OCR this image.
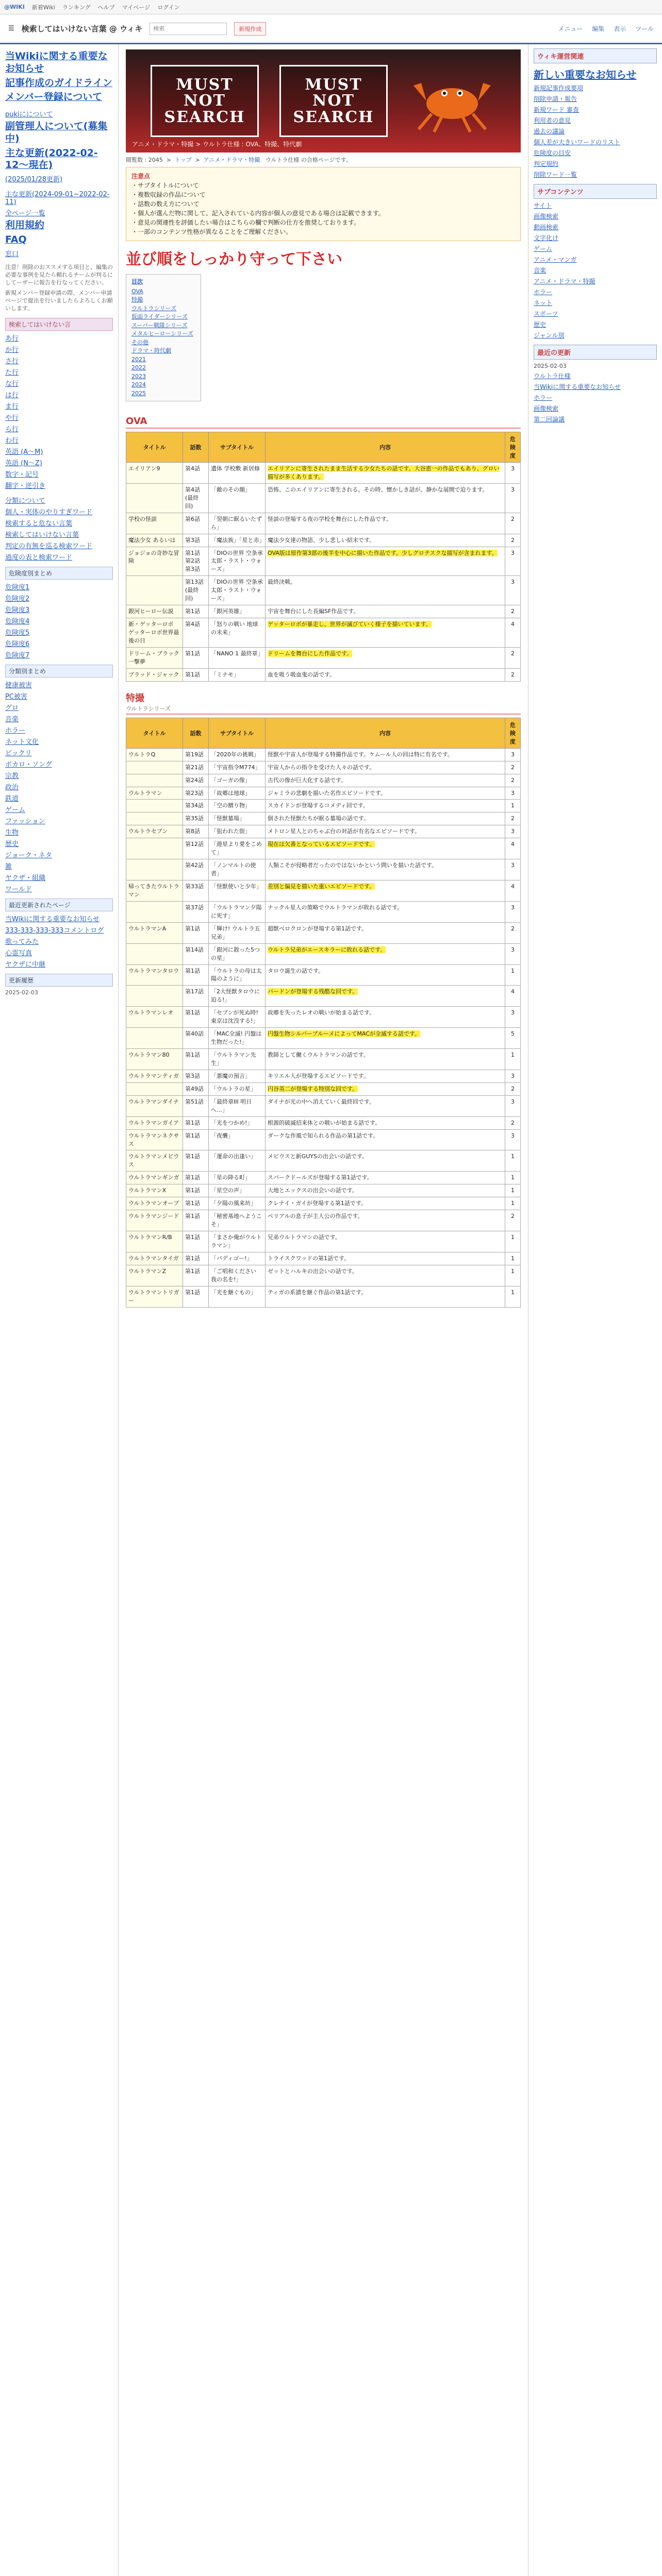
@WIKI 新着Wiki ランキング ヘルプ マイページ ログイン
☰ 検索してはいけない言葉 @ ウィキ
検索	新規作成	メニュー 編集 表示 ツール
当Wikiに関する重要なお知らせ
記事作成のガイドライン
メンバー登録について
pukiにについて
副管理人について(募集中)
主な更新(2022-02-12〜現在)
(2025/01/28更新)
主な更新(2024-09-01~2022-02-11)
全ページ一覧
利用規約
FAQ
窓口
注意！削除のおススメする項目と、編集の必要な事例を見たら頼れるチームが判るにしてーザーに報告を行なってください。
新規メンバー登録申請の際、メンバー申請ページで提出を行いましたらよろしくお願いします。
検索してはいけない言
あ行
か行
さ行
た行
な行
は行
ま行
や行
ら行
わ行
英語 (A〜M)
英語 (N〜Z)
数字・記号
翻字・逆引き
分類について
個人・実体のやりすぎワード
検索すると危ない言葉
検索してはいけない言葉
判定の有無を巡る検索ワード
過度の表と検索ワード
危険度別まとめ
危険度1
危険度2
危険度3
危険度4
危険度5
危険度6
危険度7
分類別まとめ
健康被害
PC被害
グロ
音楽
ホラー
ネット文化
ビックリ
ボカロ・ソング
宗教
政治
鉄道
ゲーム
ファッション
生物
歴史
ジョーク・ネタ
雑
ヤクザ・組織
ワールド
最近更新されたページ
当Wikiに関する重要なお知らせ
333-333-333-333コメントログ
歌ってみた
心霊写真
ヤクザに中継
更新履歴
2025-02-03
MUST NOT SEARCH
MUST NOT SEARCH
アニメ・ドラマ・特撮 > ウルトラ仕様 : OVA、特撮、特代劇
閲覧数 : 2045  >  トップ  >  アニメ・ドラマ・特撮 ウルトラ仕様 の合格ページです。
注意点
・サブタイトルについて
・複数収録の作品について
・話数の数え方について
・個人が選んだ物に関して、記入されている内容が個人の意見である場合は記載できます。
・意見の関連性を評価したい場合はこちらの欄で判断の仕方を推奨しております。
・一部のコンテンツ性格が異なることをご理解ください。
並び順をしっかり守って下さい
目次
OVA
特撮
ウルトラシリーズ
仮面ライダーシリーズ
スーパー戦隊シリーズ
メタルヒーローシリーズ
その他
ドラマ・時代劇
2021
2022
2023
2024
2025
OVA
タイトル	話数	サブタイトル	内容	危険度
エイリアン9	第4話	遺体 学校敷 新居修	エイリアンに寄生されたまま生活する少女たちの話です。大谷恵一の作品でもあり、グロい描写が多くあります。	3
	第4話 (最終回)	「敵のその顔」	恐怖、このエイリアンに寄生される。その時、懐かしき話が、静かな展開で迫ります。	3
学校の怪談	第6話	「翌朝に眠るいたずら」	怪談の登場する夜の学校を舞台にした作品です。	2
魔法少女 あるいは	第3話	「魔法族」「星と赤」	魔法少女達の物語、少し悲しい結末です。	2
ジョジョの奇妙な冒険	第1話 第2話 第3話	「DIOの世界 空条承太郎・ラスト・ウォーズ」	OVA版は原作第3部の後半を中心に描いた作品です。少しグロテスクな描写が含まれます。	3
	第13話 (最終回)	「DIOの世界 空条承太郎・ラスト・ウォーズ」	最終決戦。	3
銀河ヒーロー伝説	第1話	「銀河英雄」	宇宙を舞台にした長編SF作品です。	2
新・ゲッターロボ ゲッターロボ世界最後の日	第4話	「怒りの戦い 地球の未来」	ゲッターロボが暴走し、世界が滅びていく様子を描いています。	4
ドリーム・ブラック一撃夢	第1話	「NANO 1 最終章」	ドリームを舞台にした作品です。	2
ブラッド・ジャック	第1話	「ミナモ」	血を吸う吸血鬼の話です。	2
特撮
ウルトラシリーズ
タイトル	話数	サブタイトル	内容	危険度
ウルトラQ	第19話	「2020年の挑戦」	怪獣や宇宙人が登場する特撮作品です。ケムール人の回は特に有名です。	3
	第21話	「宇宙指令M774」	宇宙人からの指令を受けた人々の話です。	2
	第24話	「ゴーガの像」	古代の像が巨大化する話です。	2
ウルトラマン	第23話	「故郷は地球」	ジャミラの悲劇を描いた名作エピソードです。	3
	第34話	「空の贈り物」	スカイドンが登場するコメディ回です。	1
	第35話	「怪獣墓場」	倒された怪獣たちが眠る墓場の話です。	2
ウルトラセブン	第8話	「狙われた街」	メトロン星人とのちゃぶ台の対話が有名なエピソードです。	3
	第12話	「遊星より愛をこめて」	現在は欠番となっているエピソードです。	4
	第42話	「ノンマルトの使者」	人類こそが侵略者だったのではないかという問いを描いた話です。	3
帰ってきたウルトラマン	第33話	「怪獣使いと少年」	差別と偏見を描いた重いエピソードです。	4
	第37話	「ウルトラマン夕陽に死す」	ナックル星人の策略でウルトラマンが敗れる話です。	3
ウルトラマンA	第1話	「輝け! ウルトラ五兄弟」	超獣ベロクロンが登場する第1話です。	2
	第14話	「銀河に散った5つの星」	ウルトラ兄弟がエースキラーに敗れる話です。	3
ウルトラマンタロウ	第1話	「ウルトラの母は太陽のように」	タロウ誕生の話です。	1
	第17話	「2大怪獣タロウに迫る!」	バードンが登場する残酷な回です。	4
ウルトラマンレオ	第1話	「セブンが死ぬ時! 東京は沈没する!」	故郷を失ったレオの戦いが始まる話です。	3
	第40話	「MAC全滅! 円盤は生物だった!」	円盤生物シルバーブルーメによってMACが全滅する話です。	5
ウルトラマン80	第1話	「ウルトラマン先生」	教師として働くウルトラマンの話です。	1
ウルトラマンティガ	第3話	「悪魔の預言」	キリエル人が登場するエピソードです。	3
	第49話	「ウルトラの星」	円谷英二が登場する特別な回です。	2
ウルトラマンダイナ	第51話	「最終章III 明日へ…」	ダイナが光の中へ消えていく最終回です。	3
ウルトラマンガイア	第1話	「光をつかめ!」	根源的破滅招来体との戦いが始まる話です。	2
ウルトラマンネクサス	第1話	「夜襲」	ダークな作風で知られる作品の第1話です。	3
ウルトラマンメビウス	第1話	「運命の出逢い」	メビウスと新GUYSの出会いの話です。	1
ウルトラマンギンガ	第1話	「星の降る町」	スパークドールズが登場する第1話です。	1
ウルトラマンX	第1話	「星空の声」	大地とエックスの出会いの話です。	1
ウルトラマンオーブ	第1話	「夕陽の風来坊」	クレナイ・ガイが登場する第1話です。	1
ウルトラマンジード	第1話	「秘密基地へようこそ」	ベリアルの息子が主人公の作品です。	2
ウルトラマンR/B	第1話	「まさか俺がウルトラマン」	兄弟ウルトラマンの話です。	1
ウルトラマンタイガ	第1話	「バディゴー!」	トライスクワッドの第1話です。	1
ウルトラマンZ	第1話	「ご唱和ください 我の名を!」	ゼットとハルキの出会いの話です。	1
ウルトラマントリガー	第1話	「光を継ぐもの」	ティガの系譜を継ぐ作品の第1話です。	1
ウィキ運営関連
新しい重要なお知らせ
新規記事作成要項
削除申請・報告
新規ワード 審査
利用者の意見
過去の議論
個人差が大きいワードのリスト
危険度の目安
判定規約
削除ワード一覧
サブコンテンツ
サイト
画像検索
動画検索
文字化け
ゲーム
アニメ・マンガ
音楽
アニメ・ドラマ・特撮
ホラー
ネット
スポーツ
歴史
ジャンル別
最近の更新
2025-02-03
ウルトラ仕様
当Wikiに関する重要なお知らせ
ホラー
画像検索
第二回論議
